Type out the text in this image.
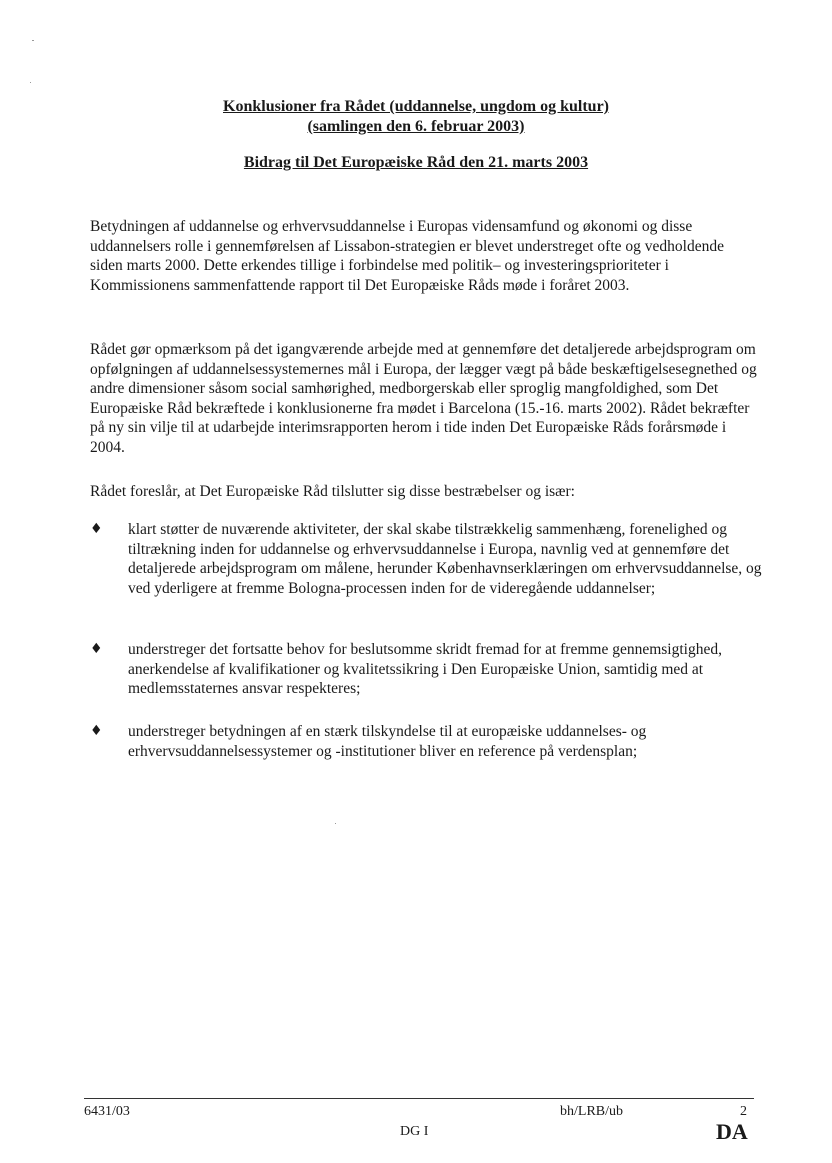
Konklusioner fra Rådet (uddannelse, ungdom og kultur)
(samlingen den 6. februar 2003)
Bidrag til Det Europæiske Råd den 21. marts 2003

Betydningen af uddannelse og erhvervsuddannelse i Europas vidensamfund og økonomi og disse uddannelsers rolle i gennemførelsen af Lissabon-strategien er blevet understreget ofte og vedholdende siden marts 2000. Dette erkendes tillige i forbindelse med politik– og investeringsprioriteter i Kommissionens sammenfattende rapport til Det Europæiske Råds møde i foråret 2003.

Rådet gør opmærksom på det igangværende arbejde med at gennemføre det detaljerede arbejdsprogram om opfølgningen af uddannelsessystemernes mål i Europa, der lægger vægt på både beskæftigelsesegnethed og andre dimensioner såsom social samhørighed, medborgerskab eller sproglig mangfoldighed, som Det Europæiske Råd bekræftede i konklusionerne fra mødet i Barcelona (15.-16. marts 2002). Rådet bekræfter på ny sin vilje til at udarbejde interimsrapporten herom i tide inden Det Europæiske Råds forårsmøde i 2004.

Rådet foreslår, at Det Europæiske Råd tilslutter sig disse bestræbelser og især:

♦ klart støtter de nuværende aktiviteter, der skal skabe tilstrækkelig sammenhæng, forenelighed og tiltrækning inden for uddannelse og erhvervsuddannelse i Europa, navnlig ved at gennemføre det detaljerede arbejdsprogram om målene, herunder Københavnserklæringen om erhvervsuddannelse, og ved yderligere at fremme Bologna-processen inden for de videregående uddannelser;
♦ understreger det fortsatte behov for beslutsomme skridt fremad for at fremme gennemsigtighed, anerkendelse af kvalifikationer og kvalitetssikring i Den Europæiske Union, samtidig med at medlemsstaternes ansvar respekteres;
♦ understreger betydningen af en stærk tilskyndelse til at europæiske uddannelses- og erhvervsuddannelsessystemer og -institutioner bliver en reference på verdensplan;
6431/03
DG I
bh/LRB/ub	2
DA
